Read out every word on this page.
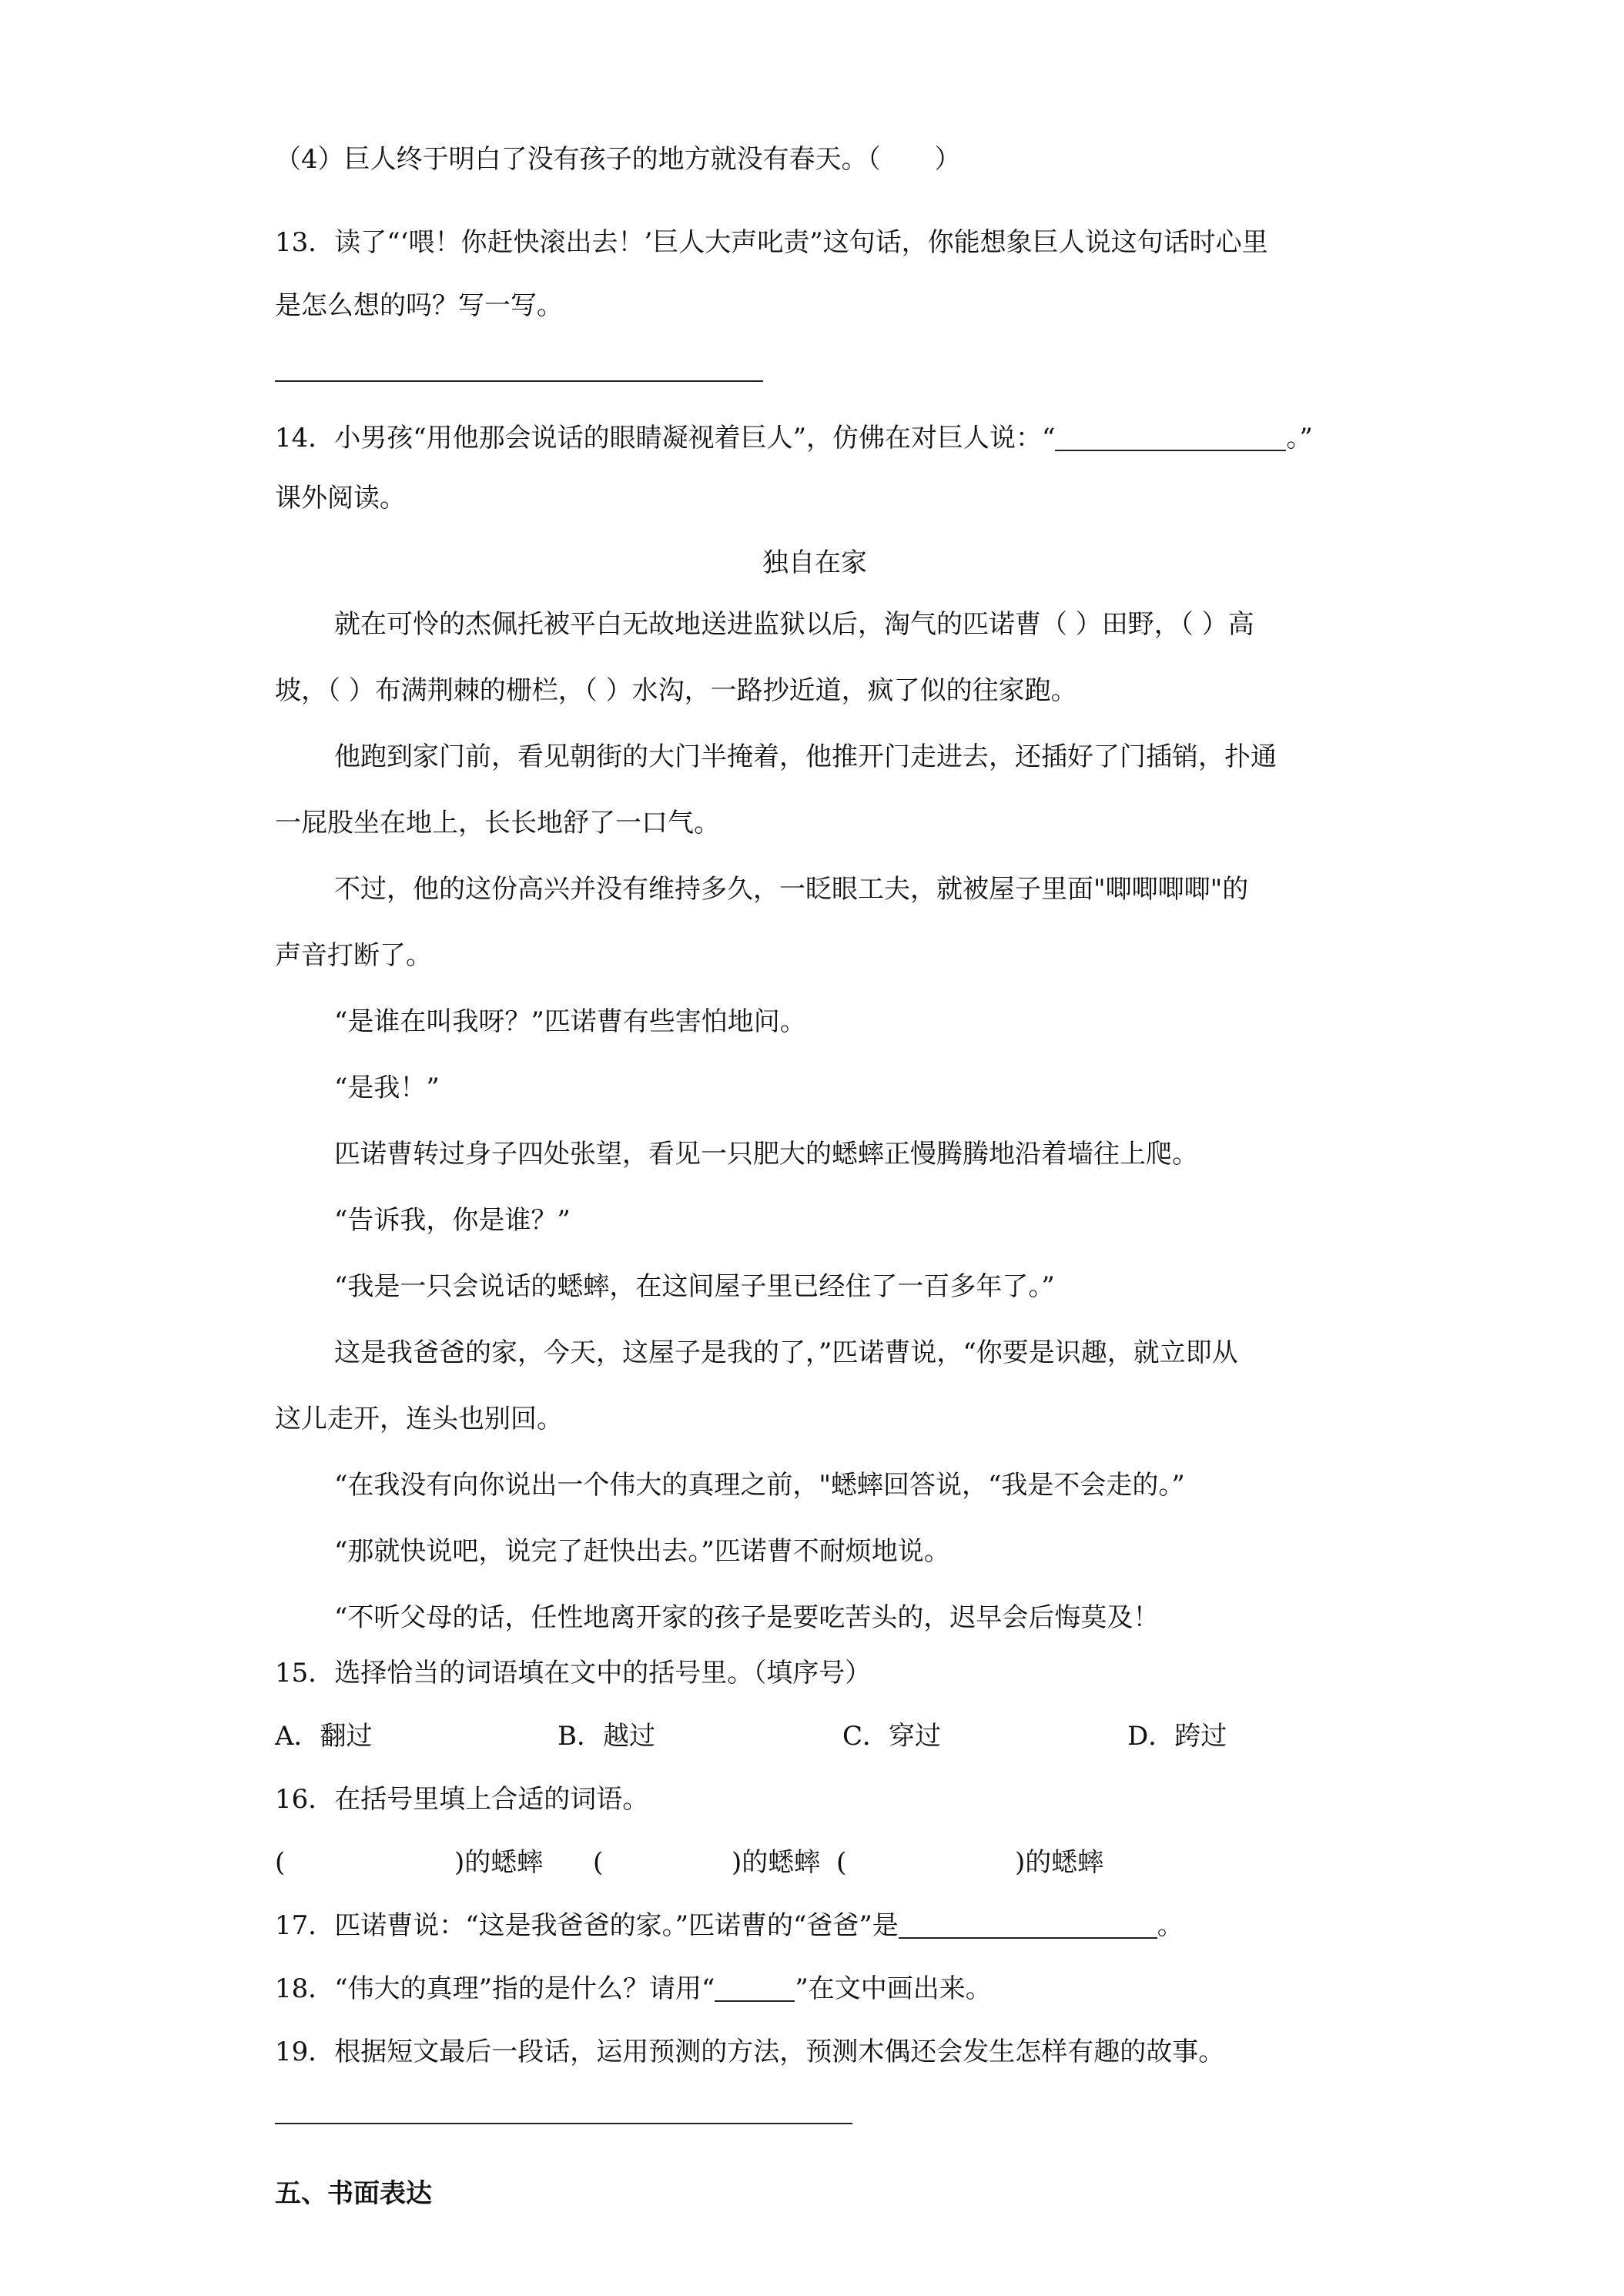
（4）巨人终于明白了没有孩子的地方就没有春天。（ ）
13．读了“‘喂！你赶快滚出去！’巨人大声叱责”这句话，你能想象巨人说这句话时心里
是怎么想的吗？写一写。
14．小男孩“用他那会说话的眼睛凝视着巨人”，仿佛在对巨人说：“	。”
课外阅读。
独自在家
就在可怜的杰佩托被平白无故地送进监狱以后，淘气的匹诺曹（ ）田野，（ ）高
坡，（ ）布满荆棘的栅栏，（ ）水沟，一路抄近道，疯了似的往家跑。
他跑到家门前，看见朝街的大门半掩着，他推开门走进去，还插好了门插销，扑通
一屁股坐在地上，长长地舒了一口气。
不过，他的这份高兴并没有维持多久，一眨眼工夫，就被屋子里面"唧唧唧唧"的
声音打断了。
“是谁在叫我呀？”匹诺曹有些害怕地问。
“是我！”
匹诺曹转过身子四处张望，看见一只肥大的蟋蟀正慢腾腾地沿着墙往上爬。
“告诉我，你是谁？”
“我是一只会说话的蟋蟀，在这间屋子里已经住了一百多年了。”
这是我爸爸的家，今天，这屋子是我的了，”匹诺曹说，“你要是识趣，就立即从
这儿走开，连头也别回。
“在我没有向你说出一个伟大的真理之前，"蟋蟀回答说，“我是不会走的。”
“那就快说吧，说完了赶快出去。”匹诺曹不耐烦地说。
“不听父母的话，任性地离开家的孩子是要吃苦头的，迟早会后悔莫及！
15．选择恰当的词语填在文中的括号里。（填序号）
A．翻过	B．越过	C．穿过	D．跨过
16．在括号里填上合适的词语。
(	)的蟋蟀 (	)的蟋蟀 (	)的蟋蟀
17．匹诺曹说：“这是我爸爸的家。”匹诺曹的“爸爸”是	。
18．“伟大的真理”指的是什么？请用“	”在文中画出来。
19．根据短文最后一段话，运用预测的方法，预测木偶还会发生怎样有趣的故事。
五、书面表达
